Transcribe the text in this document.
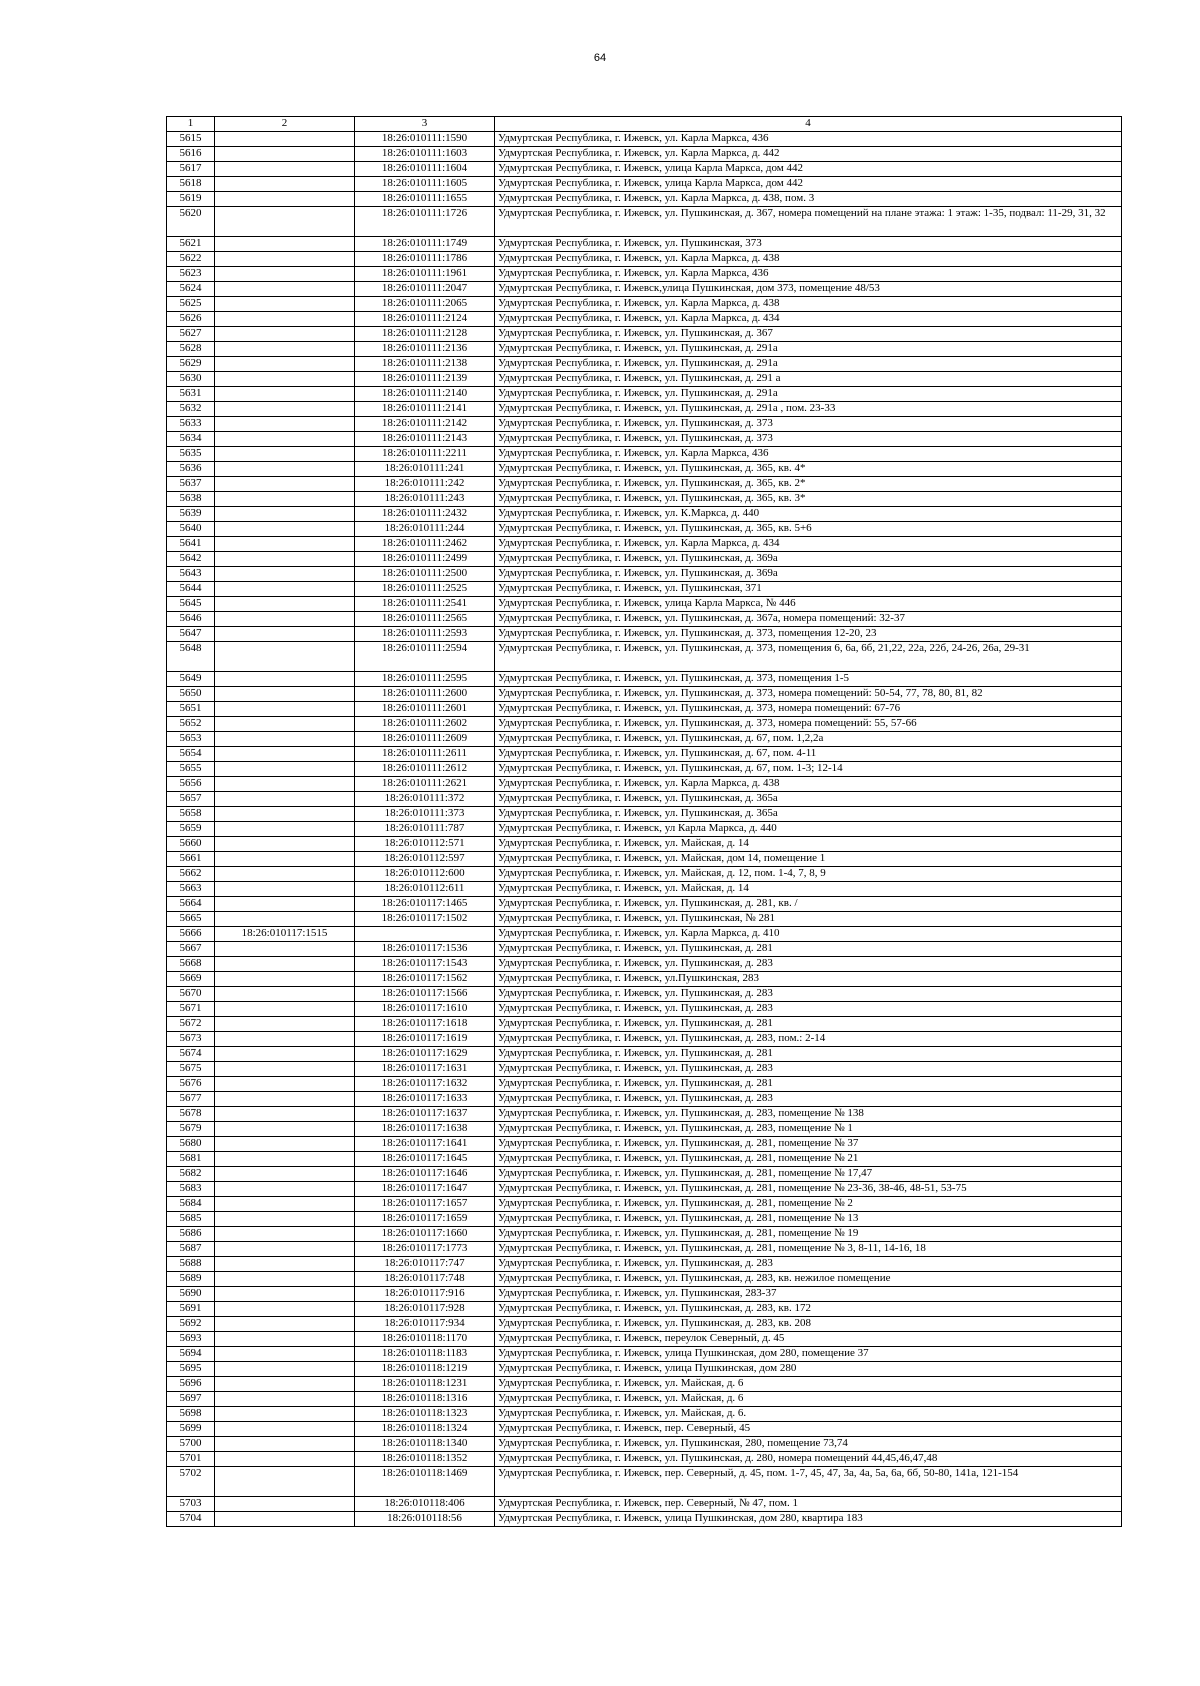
64
1	2	3	4
5615		18:26:010111:1590	Удмуртская Республика, г. Ижевск, ул. Карла Маркса, 436
5616		18:26:010111:1603	Удмуртская Республика, г. Ижевск, ул. Карла Маркса, д. 442
5617		18:26:010111:1604	Удмуртская Республика, г. Ижевск, улица Карла Маркса, дом 442
5618		18:26:010111:1605	Удмуртская Республика, г. Ижевск, улица Карла Маркса, дом 442
5619		18:26:010111:1655	Удмуртская Республика, г. Ижевск, ул. Карла Маркса, д. 438, пом. 3
5620		18:26:010111:1726	Удмуртская Республика, г. Ижевск, ул. Пушкинская, д. 367, номера помещений на плане этажа: 1 этаж: 1-35, подвал: 11-29, 31, 32
5621		18:26:010111:1749	Удмуртская Республика, г. Ижевск, ул. Пушкинская, 373
5622		18:26:010111:1786	Удмуртская Республика, г. Ижевск, ул. Карла Маркса, д. 438
5623		18:26:010111:1961	Удмуртская Республика, г. Ижевск, ул. Карла Маркса, 436
5624		18:26:010111:2047	Удмуртская Республика, г. Ижевск,улица Пушкинская, дом 373, помещение 48/53
5625		18:26:010111:2065	Удмуртская Республика, г. Ижевск, ул. Карла Маркса, д. 438
5626		18:26:010111:2124	Удмуртская Республика, г. Ижевск, ул. Карла Маркса, д. 434
5627		18:26:010111:2128	Удмуртская Республика, г. Ижевск, ул. Пушкинская, д. 367
5628		18:26:010111:2136	Удмуртская Республика, г. Ижевск, ул. Пушкинская, д. 291а
5629		18:26:010111:2138	Удмуртская Республика, г. Ижевск, ул. Пушкинская, д. 291а
5630		18:26:010111:2139	Удмуртская Республика, г. Ижевск, ул. Пушкинская, д. 291 а
5631		18:26:010111:2140	Удмуртская Республика, г. Ижевск, ул. Пушкинская, д. 291а
5632		18:26:010111:2141	Удмуртская Республика, г. Ижевск, ул. Пушкинская, д. 291а , пом. 23-33
5633		18:26:010111:2142	Удмуртская Республика, г. Ижевск, ул. Пушкинская, д. 373
5634		18:26:010111:2143	Удмуртская Республика, г. Ижевск, ул. Пушкинская, д. 373
5635		18:26:010111:2211	Удмуртская Республика, г. Ижевск, ул. Карла Маркса, 436
5636		18:26:010111:241	Удмуртская Республика, г. Ижевск, ул. Пушкинская, д. 365, кв. 4*
5637		18:26:010111:242	Удмуртская Республика, г. Ижевск, ул. Пушкинская, д. 365, кв. 2*
5638		18:26:010111:243	Удмуртская Республика, г. Ижевск, ул. Пушкинская, д. 365, кв. 3*
5639		18:26:010111:2432	Удмуртская Республика, г. Ижевск, ул. К.Маркса, д. 440
5640		18:26:010111:244	Удмуртская Республика, г. Ижевск, ул. Пушкинская, д. 365, кв. 5+6
5641		18:26:010111:2462	Удмуртская Республика, г. Ижевск, ул. Карла Маркса, д. 434
5642		18:26:010111:2499	Удмуртская Республика, г. Ижевск, ул. Пушкинская, д. 369а
5643		18:26:010111:2500	Удмуртская Республика, г. Ижевск, ул. Пушкинская, д. 369а
5644		18:26:010111:2525	Удмуртская Республика, г. Ижевск, ул. Пушкинская, 371
5645		18:26:010111:2541	Удмуртская Республика, г. Ижевск, улица Карла Маркса, № 446
5646		18:26:010111:2565	Удмуртская Республика, г. Ижевск, ул. Пушкинская, д. 367а, номера помещений: 32-37
5647		18:26:010111:2593	Удмуртская Республика, г. Ижевск, ул. Пушкинская, д. 373, помещения 12-20, 23
5648		18:26:010111:2594	Удмуртская Республика, г. Ижевск, ул. Пушкинская, д. 373, помещения 6, 6а, 6б, 21,22, 22а, 22б, 24-26, 26а, 29-31
5649		18:26:010111:2595	Удмуртская Республика, г. Ижевск, ул. Пушкинская, д. 373, помещения 1-5
5650		18:26:010111:2600	Удмуртская Республика, г. Ижевск, ул. Пушкинская, д. 373, номера помещений: 50-54, 77, 78, 80, 81, 82
5651		18:26:010111:2601	Удмуртская Республика, г. Ижевск, ул. Пушкинская, д. 373, номера помещений: 67-76
5652		18:26:010111:2602	Удмуртская Республика, г. Ижевск, ул. Пушкинская, д. 373, номера помещений: 55, 57-66
5653		18:26:010111:2609	Удмуртская Республика, г. Ижевск, ул. Пушкинская, д. 67, пом. 1,2,2а
5654		18:26:010111:2611	Удмуртская Республика, г. Ижевск, ул. Пушкинская, д. 67, пом. 4-11
5655		18:26:010111:2612	Удмуртская Республика, г. Ижевск, ул. Пушкинская, д. 67, пом. 1-3; 12-14
5656		18:26:010111:2621	Удмуртская Республика, г. Ижевск, ул. Карла Маркса, д. 438
5657		18:26:010111:372	Удмуртская Республика, г. Ижевск, ул. Пушкинская, д. 365а
5658		18:26:010111:373	Удмуртская Республика, г. Ижевск, ул. Пушкинская, д. 365а
5659		18:26:010111:787	Удмуртская Республика, г. Ижевск, ул Карла Маркса, д. 440
5660		18:26:010112:571	Удмуртская Республика, г. Ижевск, ул. Майская, д. 14
5661		18:26:010112:597	Удмуртская Республика, г. Ижевск, ул. Майская, дом 14, помещение 1
5662		18:26:010112:600	Удмуртская Республика, г. Ижевск, ул. Майская, д. 12, пом. 1-4, 7, 8, 9
5663		18:26:010112:611	Удмуртская Республика, г. Ижевск, ул. Майская, д. 14
5664		18:26:010117:1465	Удмуртская Республика, г. Ижевск, ул. Пушкинская, д. 281, кв. /
5665		18:26:010117:1502	Удмуртская Республика, г. Ижевск, ул. Пушкинская, № 281
5666	18:26:010117:1515		Удмуртская Республика, г. Ижевск, ул. Карла Маркса, д. 410
5667		18:26:010117:1536	Удмуртская Республика, г. Ижевск, ул. Пушкинская, д. 281
5668		18:26:010117:1543	Удмуртская Республика, г. Ижевск, ул. Пушкинская, д. 283
5669		18:26:010117:1562	Удмуртская Республика, г. Ижевск, ул.Пушкинская, 283
5670		18:26:010117:1566	Удмуртская Республика, г. Ижевск, ул. Пушкинская, д. 283
5671		18:26:010117:1610	Удмуртская Республика, г. Ижевск, ул. Пушкинская, д. 283
5672		18:26:010117:1618	Удмуртская Республика, г. Ижевск, ул. Пушкинская, д. 281
5673		18:26:010117:1619	Удмуртская Республика, г. Ижевск, ул. Пушкинская, д. 283, пом.: 2-14
5674		18:26:010117:1629	Удмуртская Республика, г. Ижевск, ул. Пушкинская, д. 281
5675		18:26:010117:1631	Удмуртская Республика, г. Ижевск, ул. Пушкинская, д. 283
5676		18:26:010117:1632	Удмуртская Республика, г. Ижевск, ул. Пушкинская, д. 281
5677		18:26:010117:1633	Удмуртская Республика, г. Ижевск, ул. Пушкинская, д. 283
5678		18:26:010117:1637	Удмуртская Республика, г. Ижевск, ул. Пушкинская, д. 283, помещение № 138
5679		18:26:010117:1638	Удмуртская Республика, г. Ижевск, ул. Пушкинская, д. 283, помещение № 1
5680		18:26:010117:1641	Удмуртская Республика, г. Ижевск, ул. Пушкинская, д. 281, помещение № 37
5681		18:26:010117:1645	Удмуртская Республика, г. Ижевск, ул. Пушкинская, д. 281, помещение № 21
5682		18:26:010117:1646	Удмуртская Республика, г. Ижевск, ул. Пушкинская, д. 281, помещение № 17,47
5683		18:26:010117:1647	Удмуртская Республика, г. Ижевск, ул. Пушкинская, д. 281, помещение № 23-36, 38-46, 48-51, 53-75
5684		18:26:010117:1657	Удмуртская Республика, г. Ижевск, ул. Пушкинская, д. 281, помещение № 2
5685		18:26:010117:1659	Удмуртская Республика, г. Ижевск, ул. Пушкинская, д. 281, помещение № 13
5686		18:26:010117:1660	Удмуртская Республика, г. Ижевск, ул. Пушкинская, д. 281, помещение № 19
5687		18:26:010117:1773	Удмуртская Республика, г. Ижевск, ул. Пушкинская, д. 281, помещение № 3, 8-11, 14-16, 18
5688		18:26:010117:747	Удмуртская Республика, г. Ижевск, ул. Пушкинская, д. 283
5689		18:26:010117:748	Удмуртская Республика, г. Ижевск, ул. Пушкинская, д. 283, кв. нежилое помещение
5690		18:26:010117:916	Удмуртская Республика, г. Ижевск, ул. Пушкинская, 283-37
5691		18:26:010117:928	Удмуртская Республика, г. Ижевск, ул. Пушкинская, д. 283, кв. 172
5692		18:26:010117:934	Удмуртская Республика, г. Ижевск, ул. Пушкинская, д. 283, кв. 208
5693		18:26:010118:1170	Удмуртская Республика, г. Ижевск, переулок Северный, д. 45
5694		18:26:010118:1183	Удмуртская Республика, г. Ижевск, улица Пушкинская, дом 280, помещение 37
5695		18:26:010118:1219	Удмуртская Республика, г. Ижевск, улица Пушкинская, дом 280
5696		18:26:010118:1231	Удмуртская Республика, г. Ижевск, ул. Майская, д. 6
5697		18:26:010118:1316	Удмуртская Республика, г. Ижевск, ул. Майская, д. 6
5698		18:26:010118:1323	Удмуртская Республика, г. Ижевск, ул. Майская, д. 6.
5699		18:26:010118:1324	Удмуртская Республика, г. Ижевск, пер. Северный, 45
5700		18:26:010118:1340	Удмуртская Республика, г. Ижевск, ул. Пушкинская, 280, помещение 73,74
5701		18:26:010118:1352	Удмуртская Республика, г. Ижевск, ул. Пушкинская, д. 280, номера помещений 44,45,46,47,48
5702		18:26:010118:1469	Удмуртская Республика, г. Ижевск, пер. Северный, д. 45, пом. 1-7, 45, 47, 3а, 4а, 5а, 6а, 6б, 50-80, 141а, 121-154
5703		18:26:010118:406	Удмуртская Республика, г. Ижевск, пер. Северный, № 47, пом. 1
5704		18:26:010118:56	Удмуртская Республика, г. Ижевск, улица Пушкинская, дом 280, квартира 183
